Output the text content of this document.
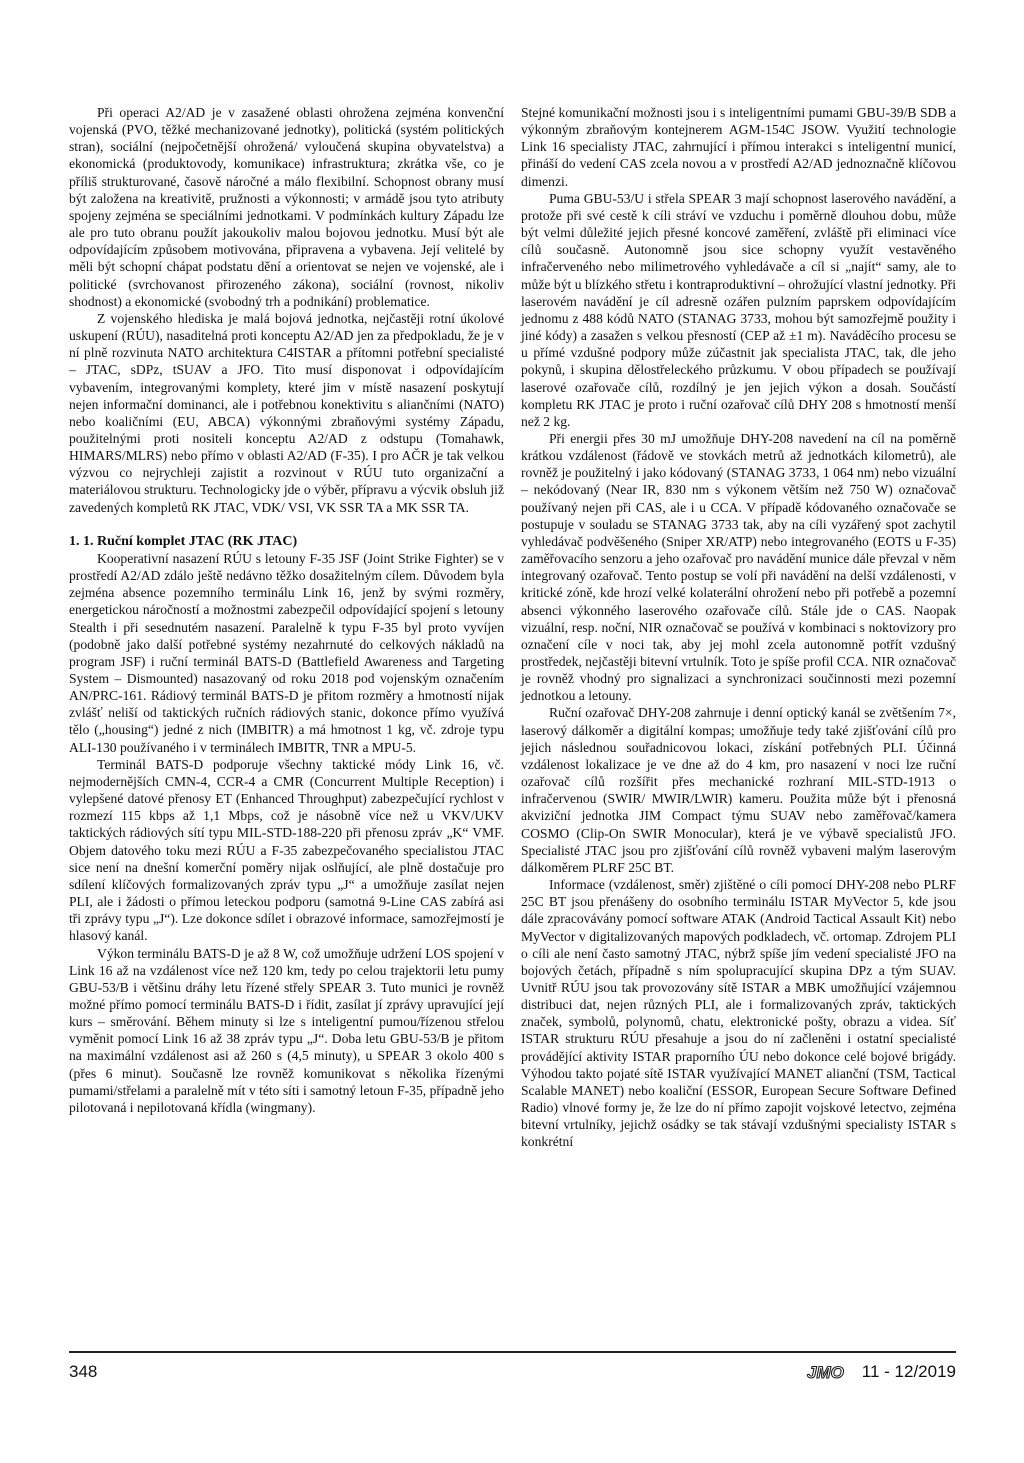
Při operaci A2/AD je v zasažené oblasti ohrožena zejména konvenční vojenská (PVO, těžké mechanizované jednotky), politická (systém politických stran), sociální (nejpočetnější ohrožená/ vyloučená skupina obyvatelstva) a ekonomická (produktovody, komunikace) infrastruktura; zkrátka vše, co je příliš strukturované, časově náročné a málo flexibilní. Schopnost obrany musí být založena na kreativitě, pružnosti a výkonnosti; v armádě jsou tyto atributy spojeny zejména se speciálními jednotkami. V podmínkách kultury Západu lze ale pro tuto obranu použít jakoukoliv malou bojovou jednotku. Musí být ale odpovídajícím způsobem motivována, připravena a vybavena. Její velitelé by měli být schopní chápat podstatu dění a orientovat se nejen ve vojenské, ale i politické (svrchovanost přirozeného zákona), sociální (rovnost, nikoliv shodnost) a ekonomické (svobodný trh a podnikání) problematice.

Z vojenského hlediska je malá bojová jednotka, nejčastěji rotní úkolové uskupení (RÚU), nasaditelná proti konceptu A2/AD jen za předpokladu, že je v ní plně rozvinuta NATO architektura C4ISTAR a přítomni potřební specialisté – JTAC, sDPz, tSUAV a JFO. Tito musí disponovat i odpovídajícím vybavením, integrovanými komplety, které jim v místě nasazení poskytují nejen informační dominanci, ale i potřebnou konektivitu s aliančními (NATO) nebo koaličními (EU, ABCA) výkonnými zbraňovými systémy Západu, použitelnými proti nositeli konceptu A2/AD z odstupu (Tomahawk, HIMARS/MLRS) nebo přímo v oblasti A2/AD (F-35). I pro AČR je tak velkou výzvou co nejrychleji zajistit a rozvinout v RÚU tuto organizační a materiálovou strukturu. Technologicky jde o výběr, přípravu a výcvik obsluh již zavedených kompletů RK JTAC, VDK/ VSI, VK SSR TA a MK SSR TA.

1. 1. Ruční komplet JTAC (RK JTAC)

Kooperativní nasazení RÚU s letouny F-35 JSF (Joint Strike Fighter) se v prostředí A2/AD zdálo ještě nedávno těžko dosažitelným cílem. Důvodem byla zejména absence pozemního terminálu Link 16, jenž by svými rozměry, energetickou náročností a možnostmi zabezpečil odpovídající spojení s letouny Stealth i při sesednutém nasazení. Paralelně k typu F-35 byl proto vyvíjen (podobně jako další potřebné systémy nezahrnuté do celkových nákladů na program JSF) i ruční terminál BATS-D (Battlefield Awareness and Targeting System – Dismounted) nasazovaný od roku 2018 pod vojenským označením AN/PRC-161. Rádiový terminál BATS-D je přitom rozměry a hmotností nijak zvlášť neliší od taktických ručních rádiových stanic, dokonce přímo využívá tělo („housing“) jedné z nich (IMBITR) a má hmotnost 1 kg, vč. zdroje typu ALI-130 používaného i v terminálech IMBITR, TNR a MPU-5.

Terminál BATS-D podporuje všechny taktické módy Link 16, vč. nejmodernějších CMN-4, CCR-4 a CMR (Concurrent Multiple Reception) i vylepšené datové přenosy ET (Enhanced Throughput) zabezpečující rychlost v rozmezí 115 kbps až 1,1 Mbps, což je násobně více než u VKV/UKV taktických rádiových sítí typu MIL-STD-188-220 při přenosu zpráv „K“ VMF. Objem datového toku mezi RÚU a F-35 zabezpečovaného specialistou JTAC sice není na dnešní komerční poměry nijak oslňující, ale plně dostačuje pro sdílení klíčových formalizovaných zpráv typu „J“ a umožňuje zasílat nejen PLI, ale i žádosti o přímou leteckou podporu (samotná 9-Line CAS zabírá asi tři zprávy typu „J“). Lze dokonce sdílet i obrazové informace, samozřejmostí je hlasový kanál.

Výkon terminálu BATS-D je až 8 W, což umožňuje udržení LOS spojení v Link 16 až na vzdálenost více než 120 km, tedy po celou trajektorii letu pumy GBU-53/B i většinu dráhy letu řízené střely SPEAR 3. Tuto munici je rovněž možné přímo pomocí terminálu BATS-D i řídit, zasílat jí zprávy upravující její kurs – směrování. Během minuty si lze s inteligentní pumou/řízenou střelou vyměnit pomocí Link 16 až 38 zpráv typu „J“. Doba letu GBU-53/B je přitom na maximální vzdálenost asi až 260 s (4,5 minuty), u SPEAR 3 okolo 400 s (přes 6 minut). Současně lze rovněž komunikovat s několika řízenými pumami/střelami a paralelně mít v této síti i samotný letoun F-35, případně jeho pilotovaná i nepilotovaná křídla (wingmany).

Stejné komunikační možnosti jsou i s inteligentními pumami GBU-39/B SDB a výkonným zbraňovým kontejnerem AGM-154C JSOW. Využití technologie Link 16 specialisty JTAC, zahrnující i přímou interakci s inteligentní municí, přináší do vedení CAS zcela novou a v prostředí A2/AD jednoznačně klíčovou dimenzi.

Puma GBU-53/U i střela SPEAR 3 mají schopnost laserového navádění, a protože při své cestě k cíli stráví ve vzduchu i poměrně dlouhou dobu, může být velmi důležité jejich přesné koncové zaměření, zvláště při eliminaci více cílů současně. Autonomně jsou sice schopny využít vestavěného infračerveného nebo milimetrového vyhledávače a cíl si „najít“ samy, ale to může být u blízkého střetu i kontraproduktivní – ohrožující vlastní jednotky. Při laserovém navádění je cíl adresně ozářen pulzním paprskem odpovídajícím jednomu z 488 kódů NATO (STANAG 3733, mohou být samozřejmě použity i jiné kódy) a zasažen s velkou přesností (CEP až ±1 m). Naváděcího procesu se u přímé vzdušné podpory může zúčastnit jak specialista JTAC, tak, dle jeho pokynů, i skupina dělostřeleckého průzkumu. V obou případech se používají laserové ozařovače cílů, rozdílný je jen jejich výkon a dosah. Součástí kompletu RK JTAC je proto i ruční ozařovač cílů DHY 208 s hmotností menší než 2 kg.

Při energii přes 30 mJ umožňuje DHY-208 navedení na cíl na poměrně krátkou vzdálenost (řádově ve stovkách metrů až jednotkách kilometrů), ale rovněž je použitelný i jako kódovaný (STANAG 3733, 1 064 nm) nebo vizuální – nekódovaný (Near IR, 830 nm s výkonem větším než 750 W) označovač používaný nejen při CAS, ale i u CCA. V případě kódovaného označovače se postupuje v souladu se STANAG 3733 tak, aby na cíli vyzářený spot zachytil vyhledávač podvěšeného (Sniper XR/ATP) nebo integrovaného (EOTS u F-35) zaměřovacího senzoru a jeho ozařovač pro navádění munice dále převzal v něm integrovaný ozařovač. Tento postup se volí při navádění na delší vzdálenosti, v kritické zóně, kde hrozí velké kolaterální ohrožení nebo při potřebě a pozemní absenci výkonného laserového ozařovače cílů. Stále jde o CAS. Naopak vizuální, resp. noční, NIR označovač se používá v kombinaci s noktovizory pro označení cíle v noci tak, aby jej mohl zcela autonomně potřít vzdušný prostředek, nejčastěji bitevní vrtulník. Toto je spíše profil CCA. NIR označovač je rovněž vhodný pro signalizaci a synchronizaci součinnosti mezi pozemní jednotkou a letouny.

Ruční ozařovač DHY-208 zahrnuje i denní optický kanál se zvětšením 7×, laserový dálkoměr a digitální kompas; umožňuje tedy také zjišťování cílů pro jejich následnou souřadnicovou lokaci, získání potřebných PLI. Účinná vzdálenost lokalizace je ve dne až do 4 km, pro nasazení v noci lze ruční ozařovač cílů rozšířit přes mechanické rozhraní MIL-STD-1913 o infračervenou (SWIR/ MWIR/LWIR) kameru. Použita může být i přenosná akviziční jednotka JIM Compact týmu SUAV nebo zaměřovač/kamera COSMO (Clip-On SWIR Monocular), která je ve výbavě specialistů JFO. Specialisté JTAC jsou pro zjišťování cílů rovněž vybaveni malým laserovým dálkoměrem PLRF 25C BT.

Informace (vzdálenost, směr) zjištěné o cíli pomocí DHY-208 nebo PLRF 25C BT jsou přenášeny do osobního terminálu ISTAR MyVector 5, kde jsou dále zpracovávány pomocí software ATAK (Android Tactical Assault Kit) nebo MyVector v digitalizovaných mapových podkladech, vč. ortomap. Zdrojem PLI o cíli ale není často samotný JTAC, nýbrž spíše jím vedení specialisté JFO na bojových četách, případně s ním spolupracující skupina DPz a tým SUAV. Uvnitř RÚU jsou tak provozovány sítě ISTAR a MBK umožňující vzájemnou distribuci dat, nejen různých PLI, ale i formalizovaných zpráv, taktických značek, symbolů, polynomů, chatu, elektronické pošty, obrazu a videa. Síť ISTAR strukturu RÚU přesahuje a jsou do ní začleněni i ostatní specialisté provádějící aktivity ISTAR praporního ÚU nebo dokonce celé bojové brigády. Výhodou takto pojaté sítě ISTAR využívající MANET alianční (TSM, Tactical Scalable MANET) nebo koaliční (ESSOR, European Secure Software Defined Radio) vlnové formy je, že lze do ní přímo zapojit vojskové letectvo, zejména bitevní vrtulníky, jejichž osádky se tak stávají vzdušnými specialisty ISTAR s konkrétní

348	JMO 11 - 12/2019
